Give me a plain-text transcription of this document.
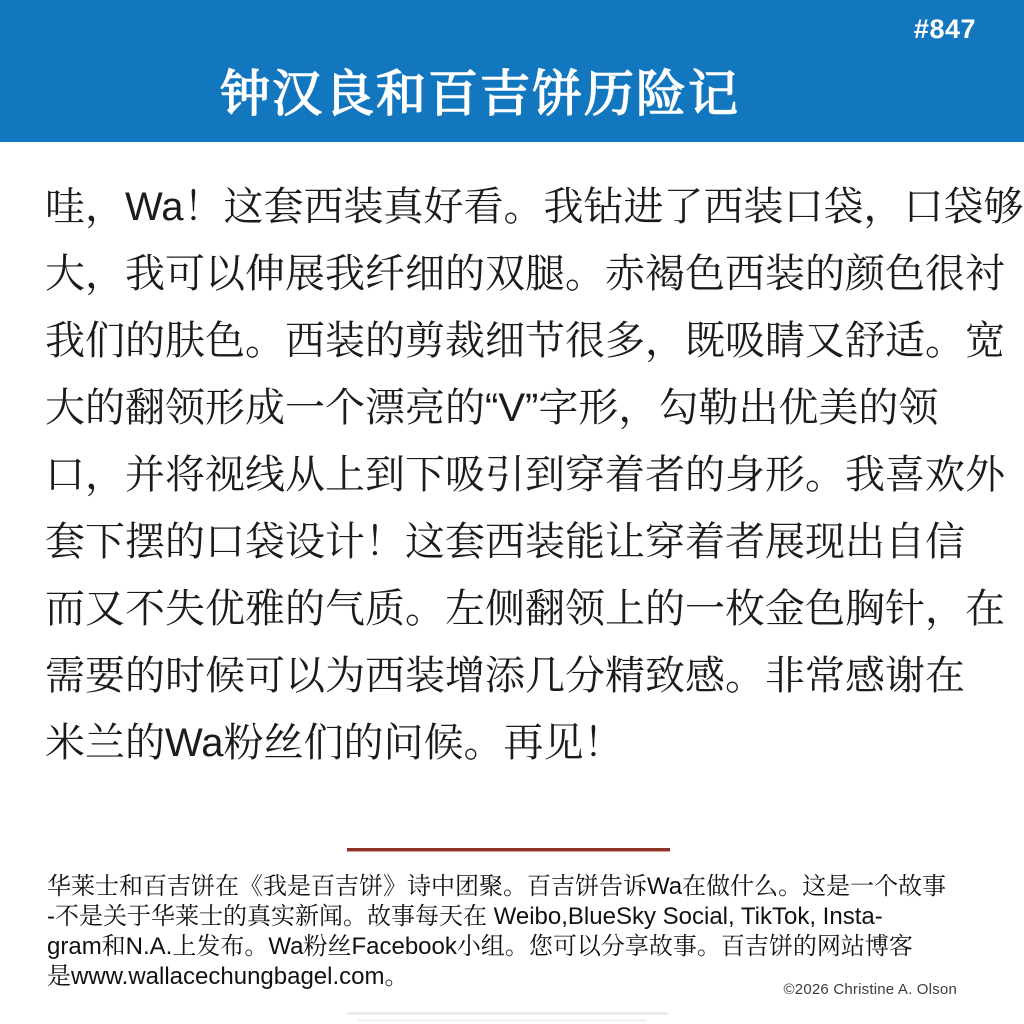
#847
钟汉良和百吉饼历险记

哇，Wa！这套西装真好看。我钻进了西装口袋，口袋够

大，我可以伸展我纤细的双腿。赤褐色西装的颜色很衬

我们的肤色。西装的剪裁细节很多，既吸睛又舒适。宽

大的翻领形成一个漂亮的“V”字形，勾勒出优美的领

口，并将视线从上到下吸引到穿着者的身形。我喜欢外

套下摆的口袋设计！这套西装能让穿着者展现出自信

而又不失优雅的气质。左侧翻领上的一枚金色胸针，在

需要的时候可以为西装增添几分精致感。非常感谢在

米兰的Wa粉丝们的问候。再见！

华莱士和百吉饼在《我是百吉饼》诗中团聚。百吉饼告诉Wa在做什么。这是一个故事

-不是关于华莱士的真实新闻。故事每天在 Weibo,BlueSky Social, TikTok, Insta-

gram和N.A.上发布。Wa粉丝Facebook小组。您可以分享故事。百吉饼的网站博客

是www.wallacechungbagel.com。	©2026 Christine A. Olson
